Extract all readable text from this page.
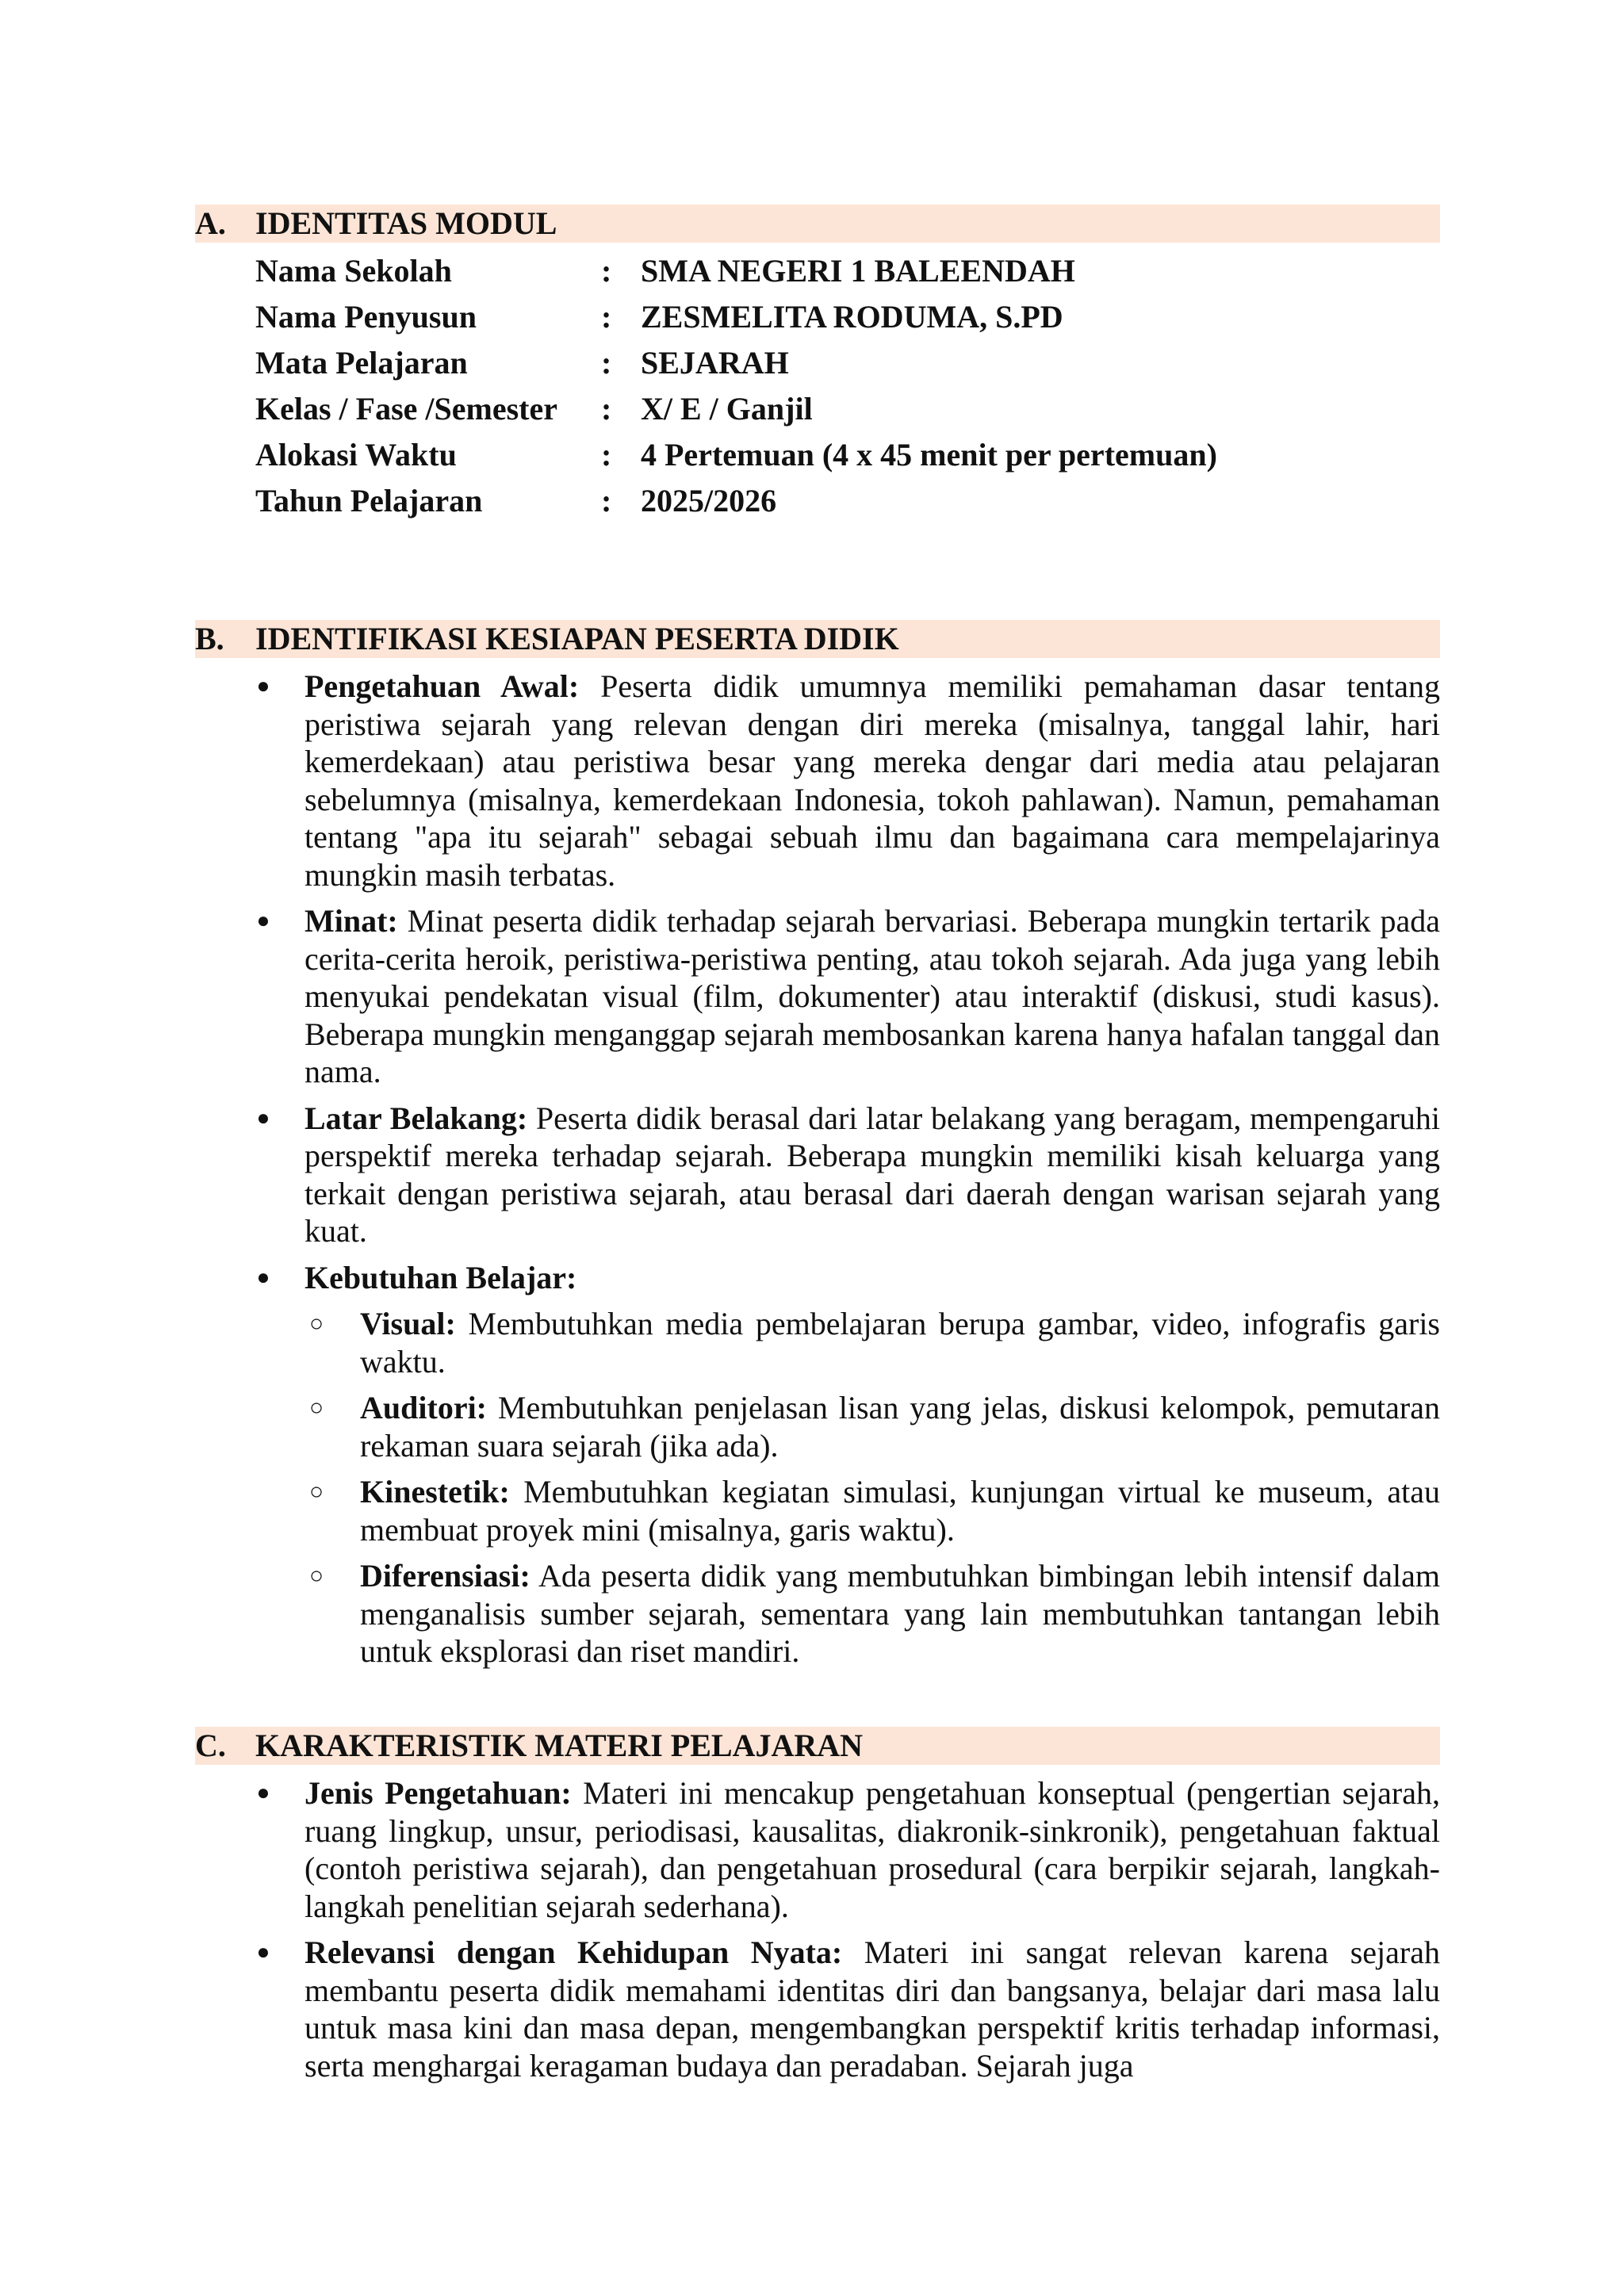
A. IDENTITAS MODUL
Nama Sekolah	: SMA NEGERI 1 BALEENDAH
Nama Penyusun	: ZESMELITA RODUMA, S.PD
Mata Pelajaran	: SEJARAH
Kelas / Fase /Semester	: X/ E / Ganjil
Alokasi Waktu	: 4 Pertemuan (4 x 45 menit per pertemuan)
Tahun Pelajaran	: 2025/2026
B. IDENTIFIKASI KESIAPAN PESERTA DIDIK
● Pengetahuan Awal: Peserta didik umumnya memiliki pemahaman dasar tentang peristiwa sejarah yang relevan dengan diri mereka (misalnya, tanggal lahir, hari kemerdekaan) atau peristiwa besar yang mereka dengar dari media atau pelajaran sebelumnya (misalnya, kemerdekaan Indonesia, tokoh pahlawan). Namun, pemahaman tentang "apa itu sejarah" sebagai sebuah ilmu dan bagaimana cara mempelajarinya mungkin masih terbatas.
● Minat: Minat peserta didik terhadap sejarah bervariasi. Beberapa mungkin tertarik pada cerita-cerita heroik, peristiwa-peristiwa penting, atau tokoh sejarah. Ada juga yang lebih menyukai pendekatan visual (film, dokumenter) atau interaktif (diskusi, studi kasus). Beberapa mungkin menganggap sejarah membosankan karena hanya hafalan tanggal dan nama.
● Latar Belakang: Peserta didik berasal dari latar belakang yang beragam, mempengaruhi perspektif mereka terhadap sejarah. Beberapa mungkin memiliki kisah keluarga yang terkait dengan peristiwa sejarah, atau berasal dari daerah dengan warisan sejarah yang kuat.
● Kebutuhan Belajar:
○ Visual: Membutuhkan media pembelajaran berupa gambar, video, infografis garis waktu.
○ Auditori: Membutuhkan penjelasan lisan yang jelas, diskusi kelompok, pemutaran rekaman suara sejarah (jika ada).
○ Kinestetik: Membutuhkan kegiatan simulasi, kunjungan virtual ke museum, atau membuat proyek mini (misalnya, garis waktu).
○ Diferensiasi: Ada peserta didik yang membutuhkan bimbingan lebih intensif dalam menganalisis sumber sejarah, sementara yang lain membutuhkan tantangan lebih untuk eksplorasi dan riset mandiri.
C. KARAKTERISTIK MATERI PELAJARAN
● Jenis Pengetahuan: Materi ini mencakup pengetahuan konseptual (pengertian sejarah, ruang lingkup, unsur, periodisasi, kausalitas, diakronik-sinkronik), pengetahuan faktual (contoh peristiwa sejarah), dan pengetahuan prosedural (cara berpikir sejarah, langkah-langkah penelitian sejarah sederhana).
● Relevansi dengan Kehidupan Nyata: Materi ini sangat relevan karena sejarah membantu peserta didik memahami identitas diri dan bangsanya, belajar dari masa lalu untuk masa kini dan masa depan, mengembangkan perspektif kritis terhadap informasi, serta menghargai keragaman budaya dan peradaban. Sejarah juga
